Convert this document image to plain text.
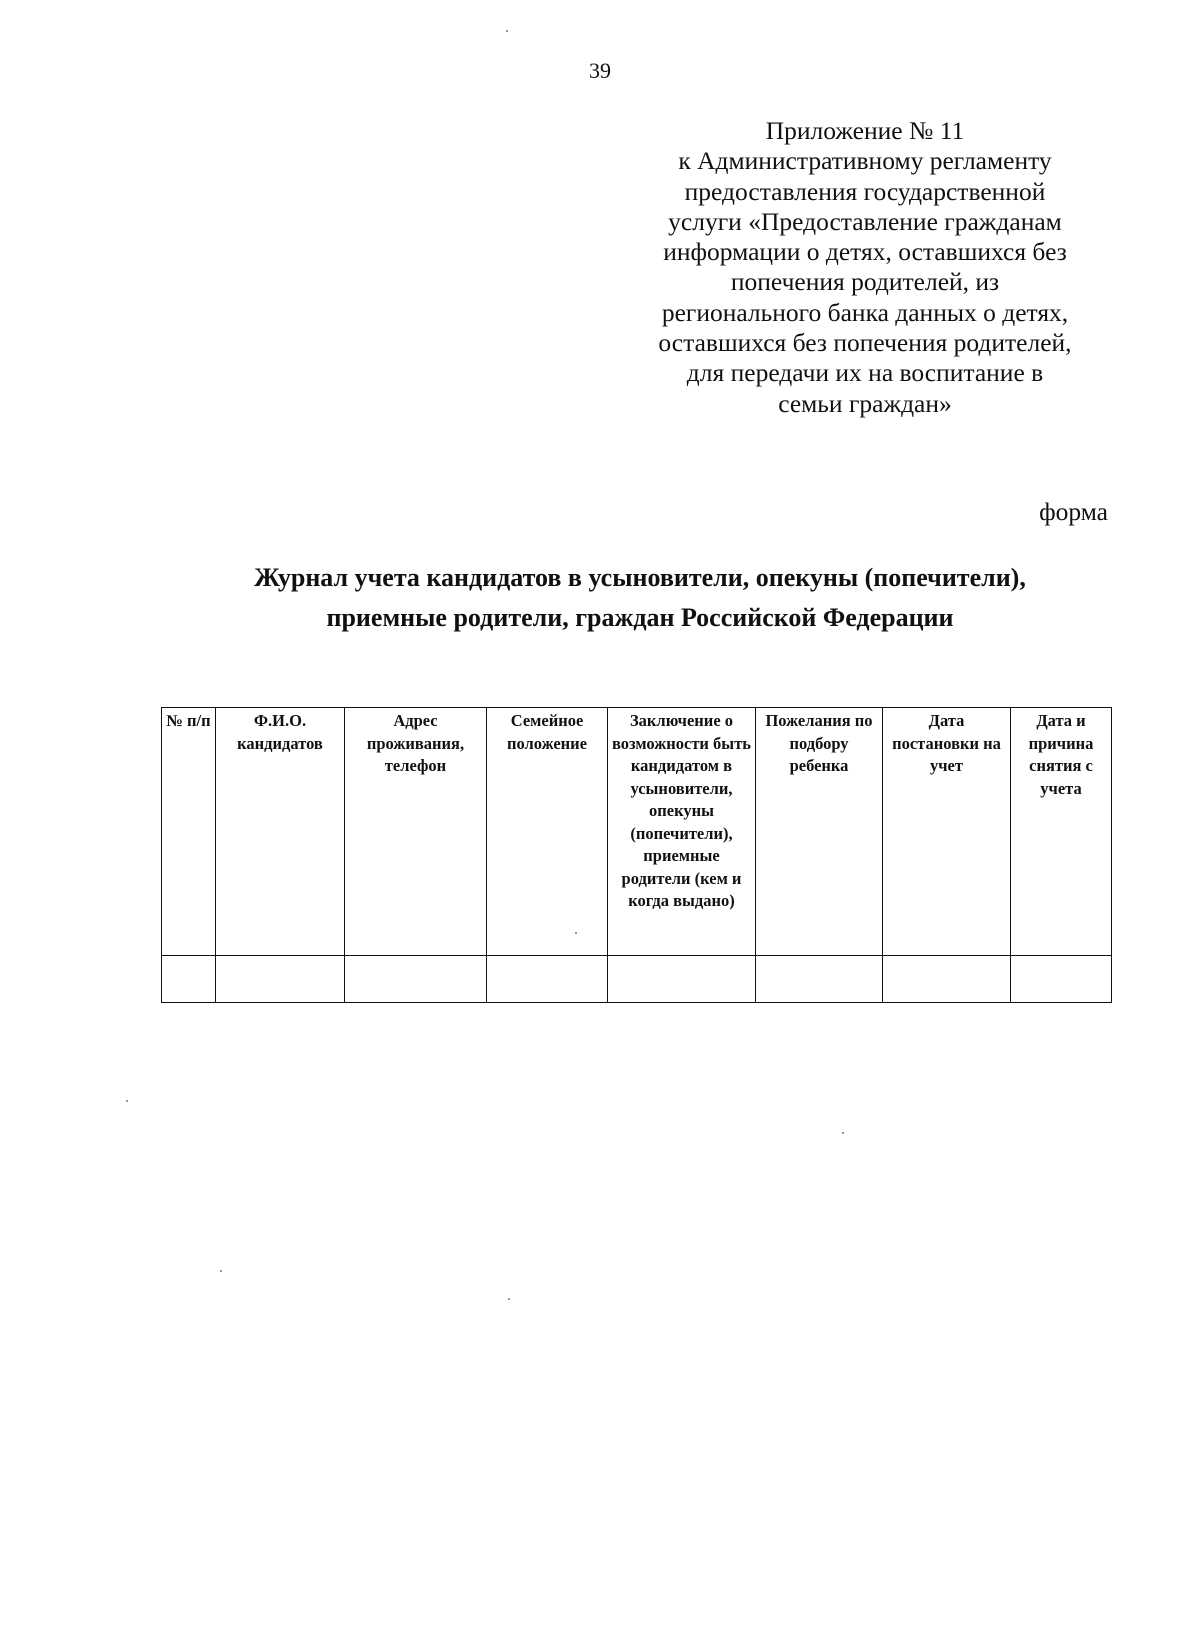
39
Приложение № 11
к Административному регламенту
предоставления государственной
услуги «Предоставление гражданам
информации о детях, оставшихся без
попечения родителей, из
регионального банка данных о детях,
оставшихся без попечения родителей,
для передачи их на воспитание в
семьи граждан»
форма
Журнал учета кандидатов в усыновители, опекуны (попечители),
приемные родители, граждан Российской Федерации
№ п/п	Ф.И.О. кандидатов	Адрес проживания, телефон	Семейное положение	Заключение о возможности быть кандидатом в усыновители, опекуны (попечители), приемные родители (кем и когда выдано)	Пожелания по подбору ребенка	Дата постановки на учет	Дата и причина снятия с учета
